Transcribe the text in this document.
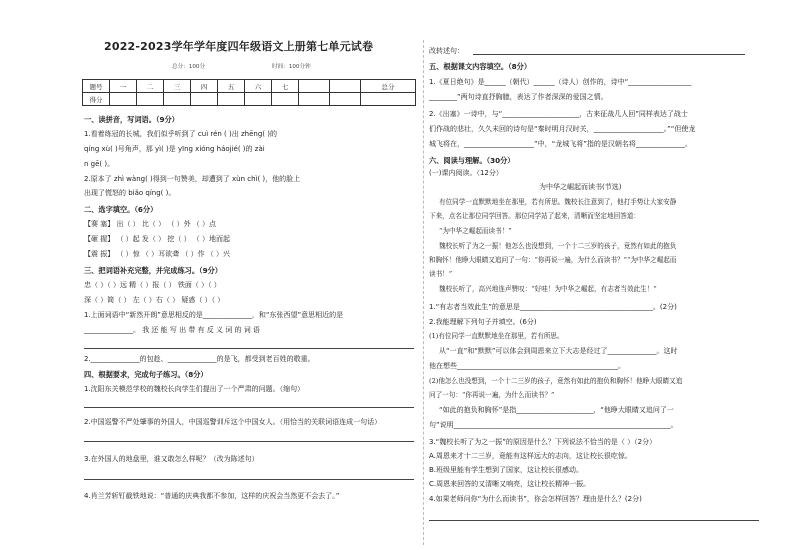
2022-2023学年学年度四年级语文上册第七单元试卷
总分：100分	时间：100分钟
题号	一	二	三	四	五	六	七			总分
得分										
一、读拼音，写词语。（9分）
1.看着练冠的长城，我们似乎听到了 cuì rén ( )出 zhēng( )的
qíng xù( )号角声，那 yì( )是 yīng xióng háojié( )的 zài
n gē( )。
2.原本了 zhì wàng( )得到一句赞美，却遭到了 xùn chì( )，他的脸上
出现了慌怒的 biǎo qíng( )。
二、选字填空。（6分）
【赛 塞】 出（ ） 比（ ） （ ）外 （ ）点
【砸 握】 （ ）起 发（ ） 挖（ ） （ ）地而起
【震 振】 （ ）惊 （ ）耳欲聋 （ ）作 （ ）兴
三、把词语补充完整，并完成练习。（9分）
忠（ ）（ ）远 精（ ）报（ ） 铁面（ ）（ ）
深（ ）简（ ） 左（ ）右（ ） 疑惑（ ）（ ）
1.上面词语中“新然开朗”意思相反的是______________，和“东张西望”意思相近的是
______________。 我 还 能 写 出 带 有 反 义 词 的 词 语
2.______________的包趁、______________的是飞，都受到老百姓的敬重。
四、根据要求，完成句子练习。（8分）
1.沈阳东关模范学校的魏校长向学生们提出了一个严肃的问题。（缩句）
2.中国巡警不严处肇事的外国人，中国巡警训斥这个中国女人。（用恰当的关联词语连成一句话）
3.在外国人的地盘里，谁又敢怎么样呢？（改为陈述句）
4.肖兰芳斩钉截铁地说：“普通的庆典我都不参加，这样的庆祝会当然更不会去了。”
改转述句：
五、根据课文内容填空。（8分）
1.《夏日绝句》是______（朝代）______（诗人）创作的，诗中“__________________
________”两句诗直抒胸臆，表达了作者深深的爱国之情。
2.《出塞》一诗中，与“______________________，古来征战几人回”同样表达了战士
们作战的悲壮，久久未回的诗句是“秦时明月汉时关，____________________。”“但使龙
城飞将在，____________________”中，“龙城飞将”指的是汉朝名将______________。
六、阅读与理解。（30分）
(一)课内阅读。（12分）
为中华之崛起而读书(节选)
有位同学一直默默地坐在那里，若有所思。魏校长注意到了，他打手势让大家安静
下来，点名让那位同学回答。那位同学站了起来，清晰而坚定地回答道：
“为中华之崛起而读书！”
魏校长听了为之一振！他怎么也没想到，一个十二三岁的孩子，竟然有如此的抱负
和胸怀！他睁大眼睛又追问了一句：“你再说一遍，为什么而读书？”“为中华之崛起而
读书！”
魏校长听了，高兴地连声赞叹：“好哇！为中华之崛起，有志者当效此生！”
1.“有志者当效此生”的意思是______________________________________。(2分)
2.我能理解下列句子并填空。(6分)
(1)有位同学一直默默地坐在那里，若有所思。
从“一直”和“默默”可以体会到周恩来立下大志是经过了______________。这时
他在想些______________________________________________。
(2)他怎么也没想到，一个十二三岁的孩子，竟然有如此的抱负和胸怀！他睁大眼睛又追
问了一句：“你再说一遍，为什么而读书？”
“如此的抱负和胸怀”是指______________________，“他睁大眼睛又追问了一
句”说明______________________________________________________________。
3.“魏校长听了为之一振”的原因是什么？下列说法不恰当的是（ ）（2分）
A.周恩来才十二三岁，竟能有这样远大的志向，这让校长很吃惊。
B.班级里能有学生想到了国家，这让校长很感动。
C.周恩来回答的又清晰又响亮，这让校长精神一振。
4.如果老师问你“为什么而读书”，你会怎样回答？理由是什么？(2分)
